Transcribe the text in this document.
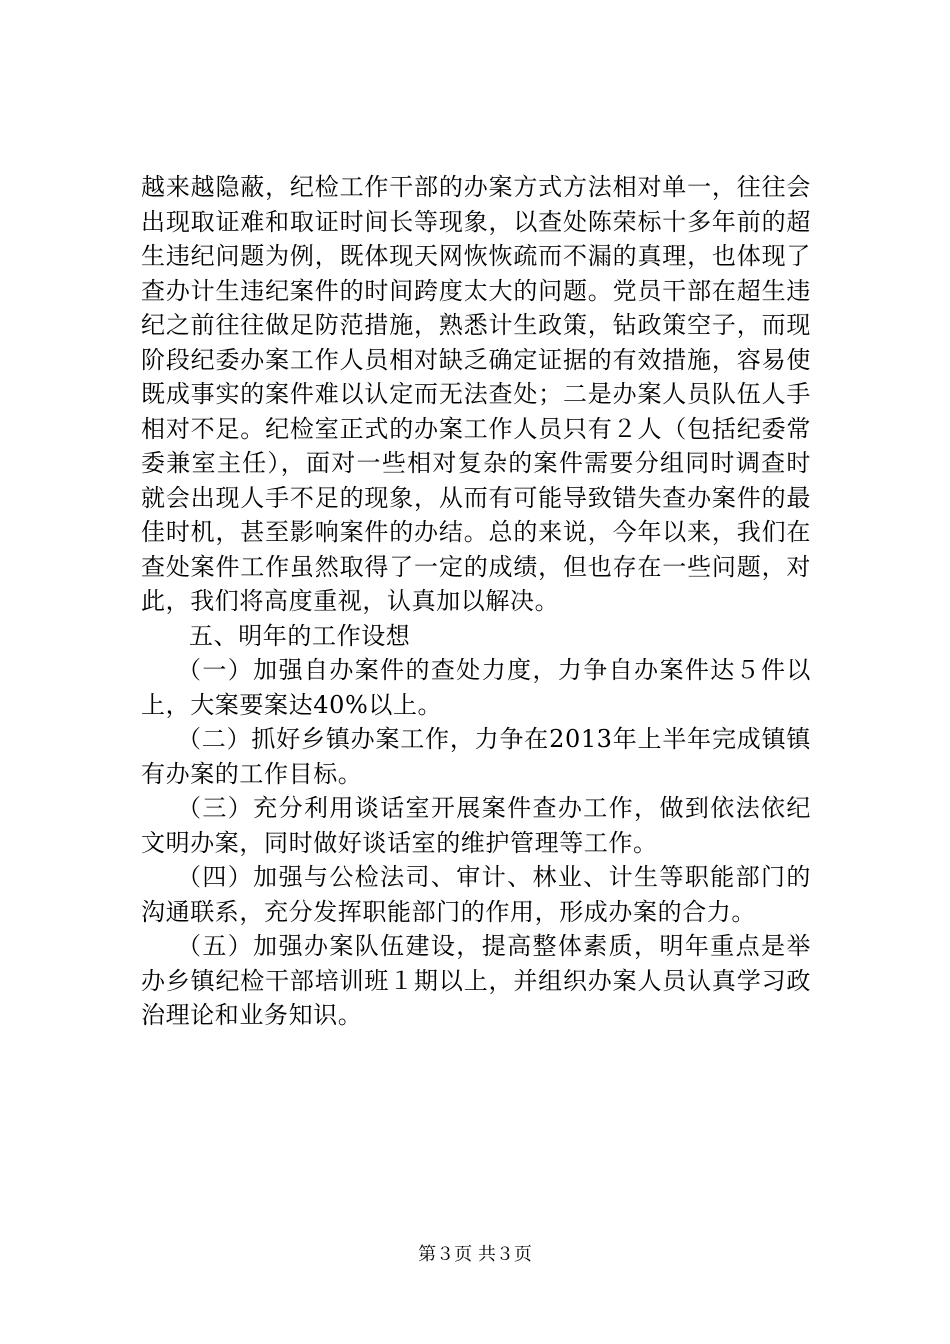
越来越隐蔽，纪检工作干部的办案方式方法相对单一，往往会出现取证难和取证时间长等现象，以查处陈荣标十多年前的超生违纪问题为例，既体现天网恢恢疏而不漏的真理，也体现了查办计生违纪案件的时间跨度太大的问题。党员干部在超生违纪之前往往做足防范措施，熟悉计生政策，钻政策空子，而现阶段纪委办案工作人员相对缺乏确定证据的有效措施，容易使既成事实的案件难以认定而无法查处；二是办案人员队伍人手相对不足。纪检室正式的办案工作人员只有２人（包括纪委常委兼室主任），面对一些相对复杂的案件需要分组同时调查时就会出现人手不足的现象，从而有可能导致错失查办案件的最佳时机，甚至影响案件的办结。总的来说，今年以来，我们在查处案件工作虽然取得了一定的成绩，但也存在一些问题，对此，我们将高度重视，认真加以解决。

五、明年的工作设想

（一）加强自办案件的查处力度，力争自办案件达５件以上，大案要案达40%以上。

（二）抓好乡镇办案工作，力争在2013年上半年完成镇镇有办案的工作目标。

（三）充分利用谈话室开展案件查办工作，做到依法依纪文明办案，同时做好谈话室的维护管理等工作。

（四）加强与公检法司、审计、林业、计生等职能部门的沟通联系，充分发挥职能部门的作用，形成办案的合力。

（五）加强办案队伍建设，提高整体素质，明年重点是举办乡镇纪检干部培训班１期以上，并组织办案人员认真学习政治理论和业务知识。

第３页 共３页
